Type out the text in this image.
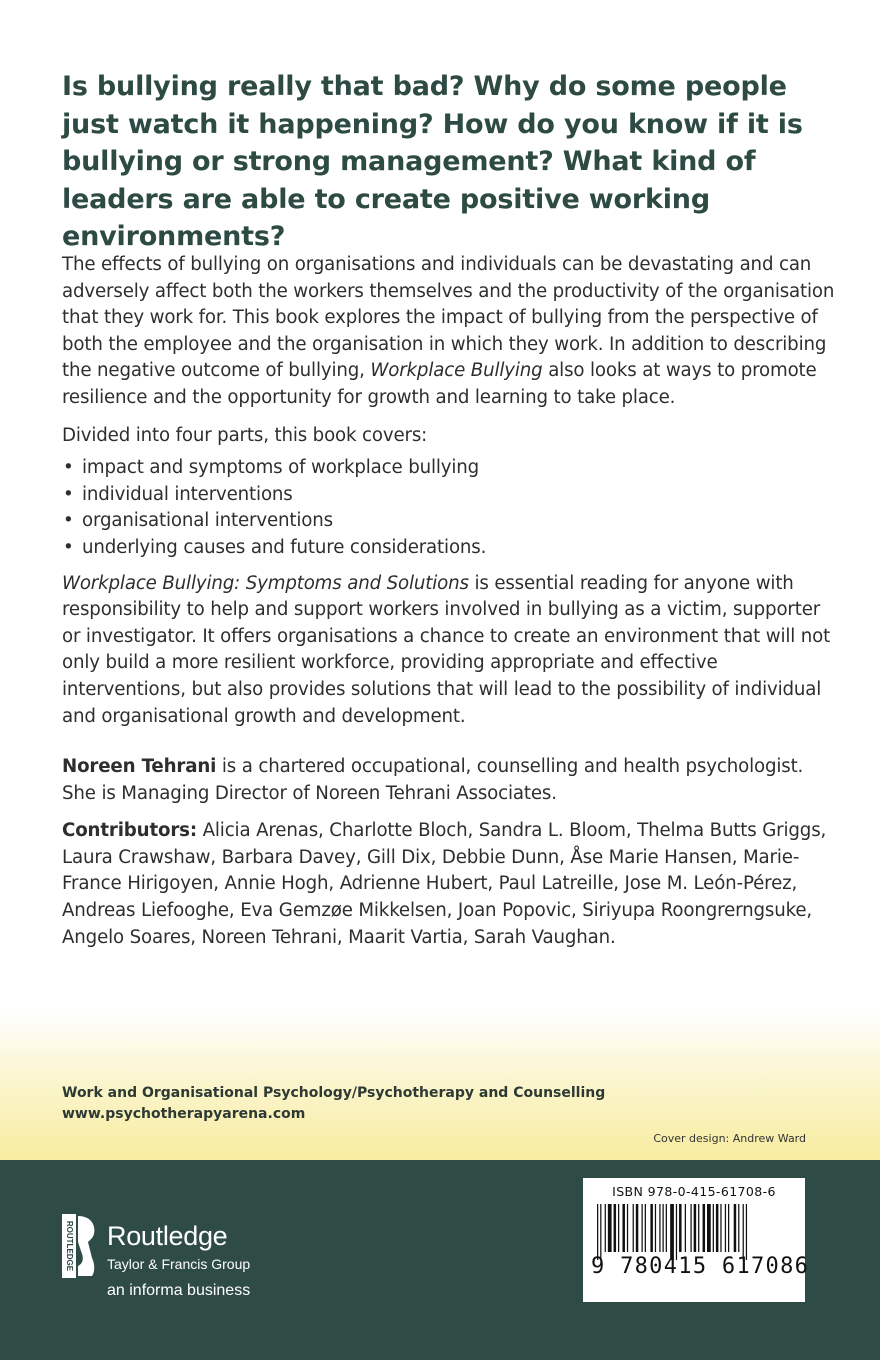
Is bullying really that bad? Why do some people just watch it happening? How do you know if it is bullying or strong management? What kind of leaders are able to create positive working environments?

The effects of bullying on organisations and individuals can be devastating and can adversely affect both the workers themselves and the productivity of the organisation that they work for. This book explores the impact of bullying from the perspective of both the employee and the organisation in which they work. In addition to describing the negative outcome of bullying, Workplace Bullying also looks at ways to promote resilience and the opportunity for growth and learning to take place.

Divided into four parts, this book covers:

• impact and symptoms of workplace bullying
• individual interventions
• organisational interventions
• underlying causes and future considerations.

Workplace Bullying: Symptoms and Solutions is essential reading for anyone with responsibility to help and support workers involved in bullying as a victim, supporter or investigator. It offers organisations a chance to create an environment that will not only build a more resilient workforce, providing appropriate and effective interventions, but also provides solutions that will lead to the possibility of individual and organisational growth and development.

Noreen Tehrani is a chartered occupational, counselling and health psychologist. She is Managing Director of Noreen Tehrani Associates.

Contributors: Alicia Arenas, Charlotte Bloch, Sandra L. Bloom, Thelma Butts Griggs, Laura Crawshaw, Barbara Davey, Gill Dix, Debbie Dunn, Åse Marie Hansen, Marie-France Hirigoyen, Annie Hogh, Adrienne Hubert, Paul Latreille, Jose M. León-Pérez, Andreas Liefooghe, Eva Gemzøe Mikkelsen, Joan Popovic, Siriyupa Roongrerngsuke, Angelo Soares, Noreen Tehrani, Maarit Vartia, Sarah Vaughan.

Work and Organisational Psychology/Psychotherapy and Counselling
www.psychotherapyarena.com
Cover design: Andrew Ward
ROUTLEDGE Routledge
Taylor & Francis Group
an informa business
ISBN 978-0-415-61708-6
9 780415 617086
